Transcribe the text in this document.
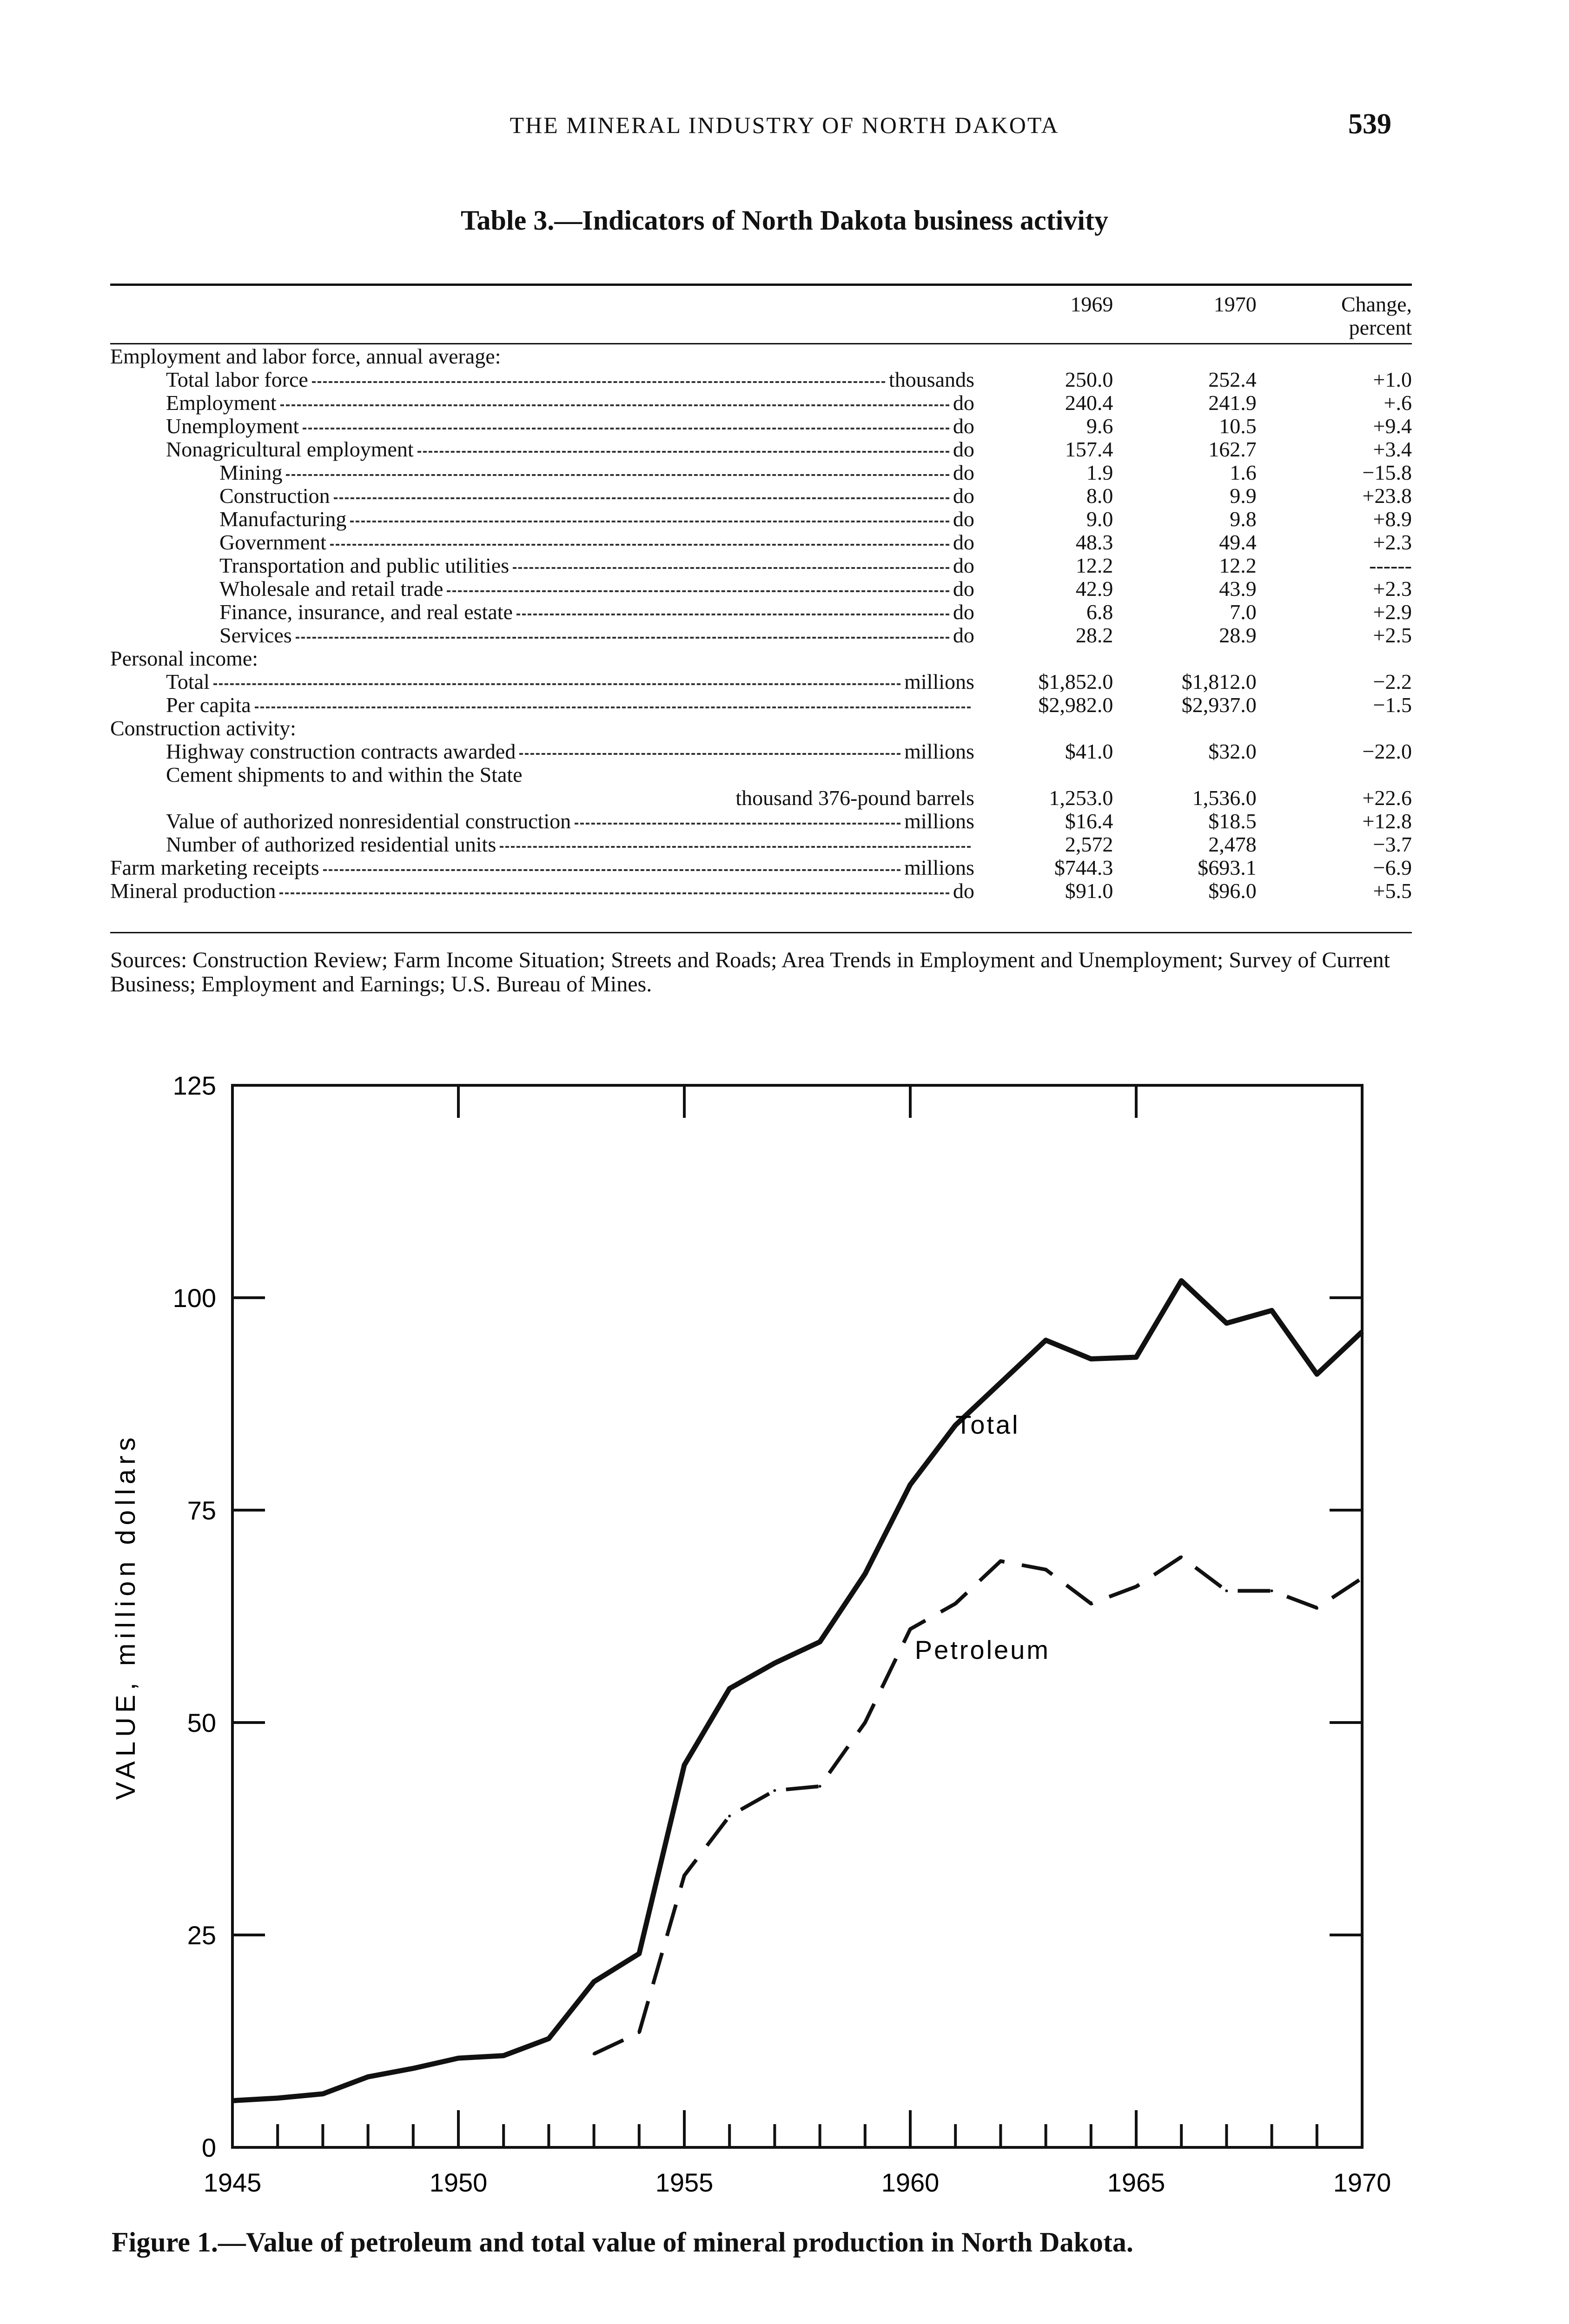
THE MINERAL INDUSTRY OF NORTH DAKOTA	539
Table 3.—Indicators of North Dakota business activity
	1969	1970	Change,
percent

Employment and labor force, annual average:			

Total labor force thousands	250.0	252.4	+1.0

Employment do	240.4	241.9	+.6

Unemployment do	9.6	10.5	+9.4

Nonagricultural employment do	157.4	162.7	+3.4

Mining do	1.9	1.6	−15.8

Construction do	8.0	9.9	+23.8

Manufacturing do	9.0	9.8	+8.9

Government do	48.3	49.4	+2.3

Transportation and public utilities do	12.2	12.2	------

Wholesale and retail trade do	42.9	43.9	+2.3

Finance, insurance, and real estate do	6.8	7.0	+2.9

Services do	28.2	28.9	+2.5

Personal income:			

Total millions	$1,852.0	$1,812.0	−2.2

Per capita	$2,982.0	$2,937.0	−1.5

Construction activity:			

Highway construction contracts awarded millions	$41.0	$32.0	−22.0

Cement shipments to and within the State			

thousand 376-pound barrels	1,253.0	1,536.0	+22.6

Value of authorized nonresidential construction millions	$16.4	$18.5	+12.8

Number of authorized residential units	2,572	2,478	−3.7

Farm marketing receipts millions	$744.3	$693.1	−6.9

Mineral production do	$91.0	$96.0	+5.5
Sources: Construction Review; Farm Income Situation; Streets and Roads; Area Trends in Employment and Unemployment; Survey of Current Business; Employment and Earnings; U.S. Bureau of Mines.
0
25
50
75
100
125
1945	1950	1955	1960	1965	1970
VALUE, million dollars
Total
Petroleum
Figure 1.—Value of petroleum and total value of mineral production in North Dakota.
